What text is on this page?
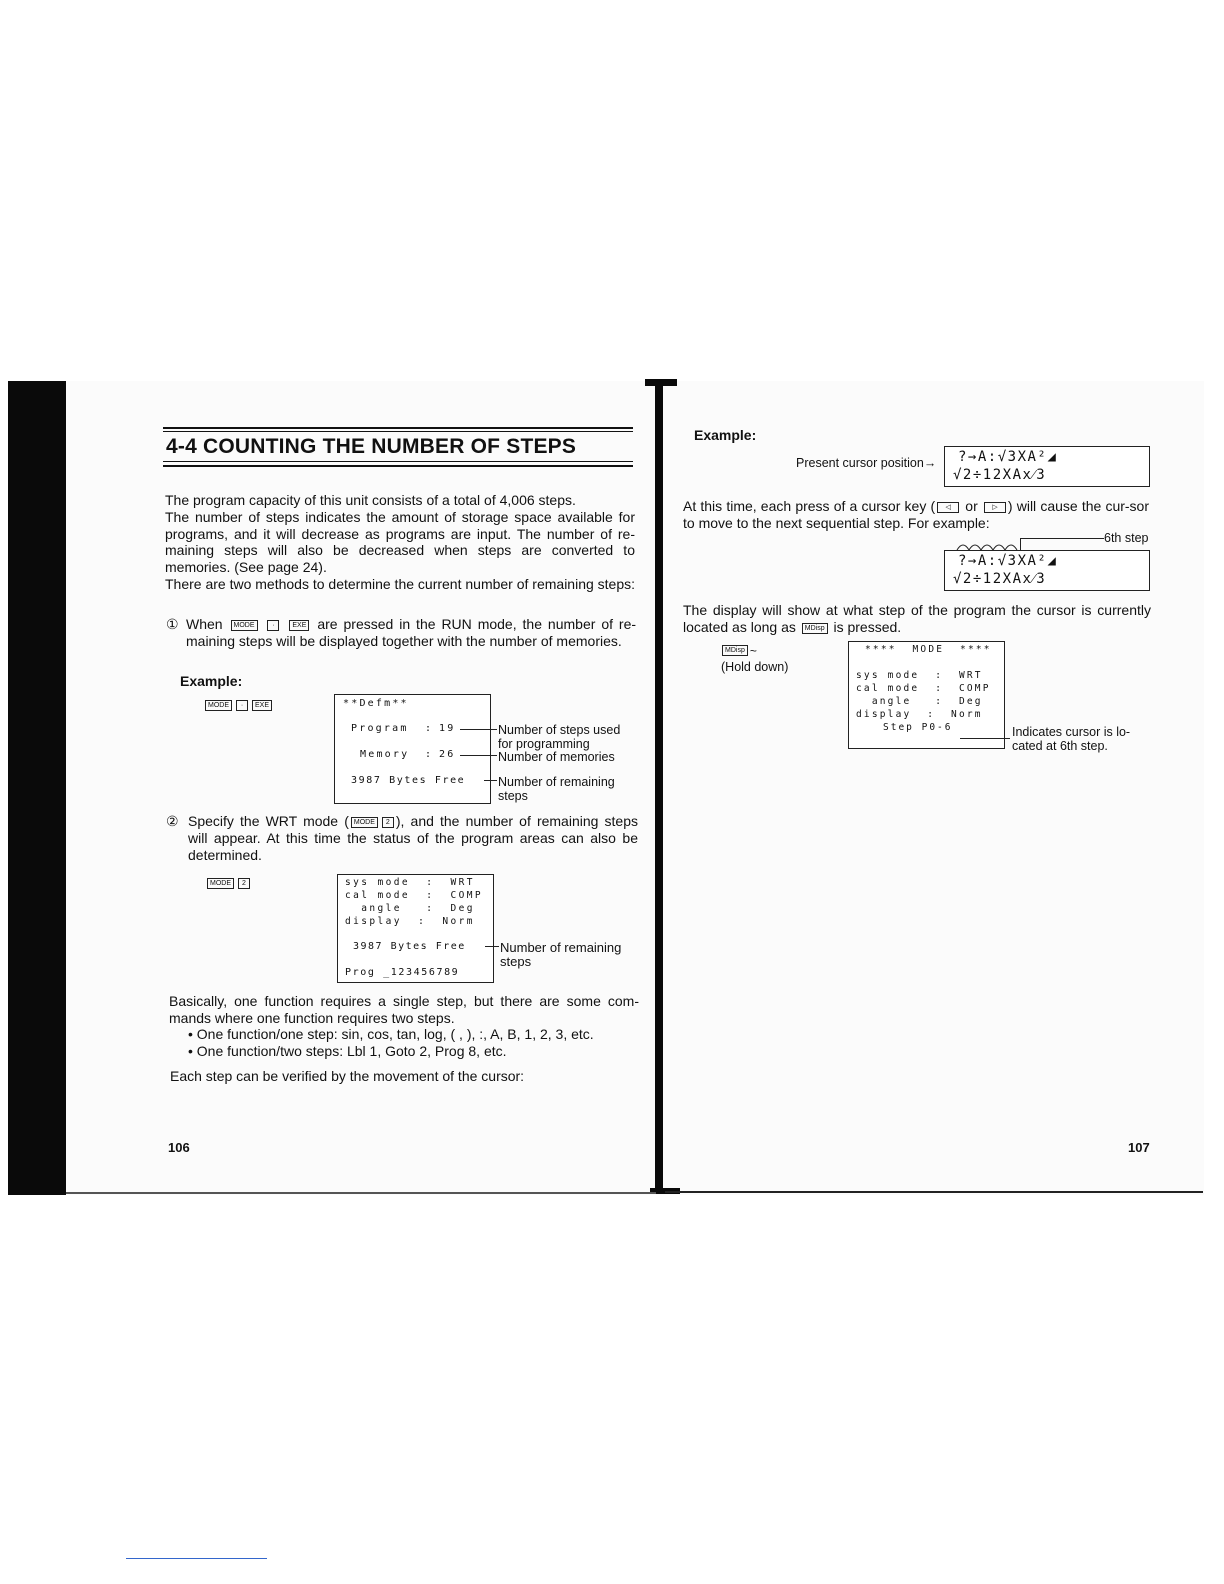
4-4 COUNTING THE NUMBER OF STEPS

The program capacity of this unit consists of a total of 4,006 steps.

The number of steps indicates the amount of storage space available for programs, and it will decrease as programs are input. The number of re-maining steps will also be decreased when steps are converted to memories. (See page 24).

There are two methods to determine the current number of remaining steps:

① When MODE	·	EXE are pressed in the RUN mode, the number of re-maining steps will be displayed together with the number of memories.
Example:
MODE · EXE	**Defm**
Program : 19
Memory : 26
3987 Bytes Free
Number of steps used
for programming
Number of memories
Number of remaining
steps
② Specify the WRT mode ( MODE 2 ), and the number of remaining steps will appear. At this time the status of the program areas can also be determined.
MODE 2	sys mode  :  WRT
cal mode  :  COMP
angle   :  Deg
display  :  Norm
3987 Bytes Free
Prog _123456789
Number of remaining
steps
Basically, one function requires a single step, but there are some com-mands where one function requires two steps.
• One function/one step: sin, cos, tan, log, ( , ), :, A, B, 1, 2, 3, etc.
• One function/two steps: Lbl 1, Goto 2, Prog 8, etc.
Each step can be verified by the movement of the cursor:
106
Example:
Present cursor position→ ?→A:√3XA²◢
√2÷12XAx⁄3
At this time, each press of a cursor key ( ◁ or ▷ ) will cause the cur-sor to move to the next sequential step. For example:
6th step
?→A:√3XA²◢
√2÷12XAx⁄3
The display will show at what step of the program the cursor is currently located as long as MDisp is pressed.
MDisp ~
(Hold down)
****  MODE  ****
sys mode  :  WRT
cal mode  :  COMP
angle   :  Deg
display  :  Norm
Step P0-6	Indicates cursor is lo-
cated at 6th step.
107
